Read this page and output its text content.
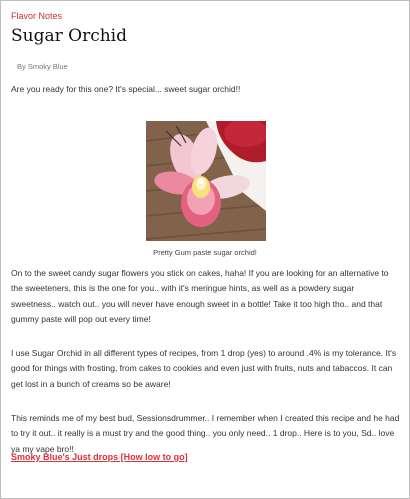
Flavor Notes
Sugar Orchid
By Smoky Blue

Are you ready for this one? It's special... sweet sugar orchid!!

Pretty Gum paste sugar orchid!

On to the sweet candy sugar flowers you stick on cakes, haha! If you are looking for an alternative to the sweeteners, this is the one for you.. with it's meringue hints, as well as a powdery sugar sweetness.. watch out.. you will never have enough sweet in a bottle! Take it too high tho.. and that gummy paste will pop out every time!

I use Sugar Orchid in all different types of recipes, from 1 drop (yes) to around .4% is my tolerance. It's good for things with frosting, from cakes to cookies and even just with fruits, nuts and tabaccos. It can get lost in a bunch of creams so be aware!

This reminds me of my best bud, Sessionsdrummer.. I remember when I created this recipe and he had to try it out.. it really is a must try and the good thing.. you only need.. 1 drop.. Here is to you, Sd.. love ya my vape bro!!

Smoky Blue's Just drops [How low to go]
